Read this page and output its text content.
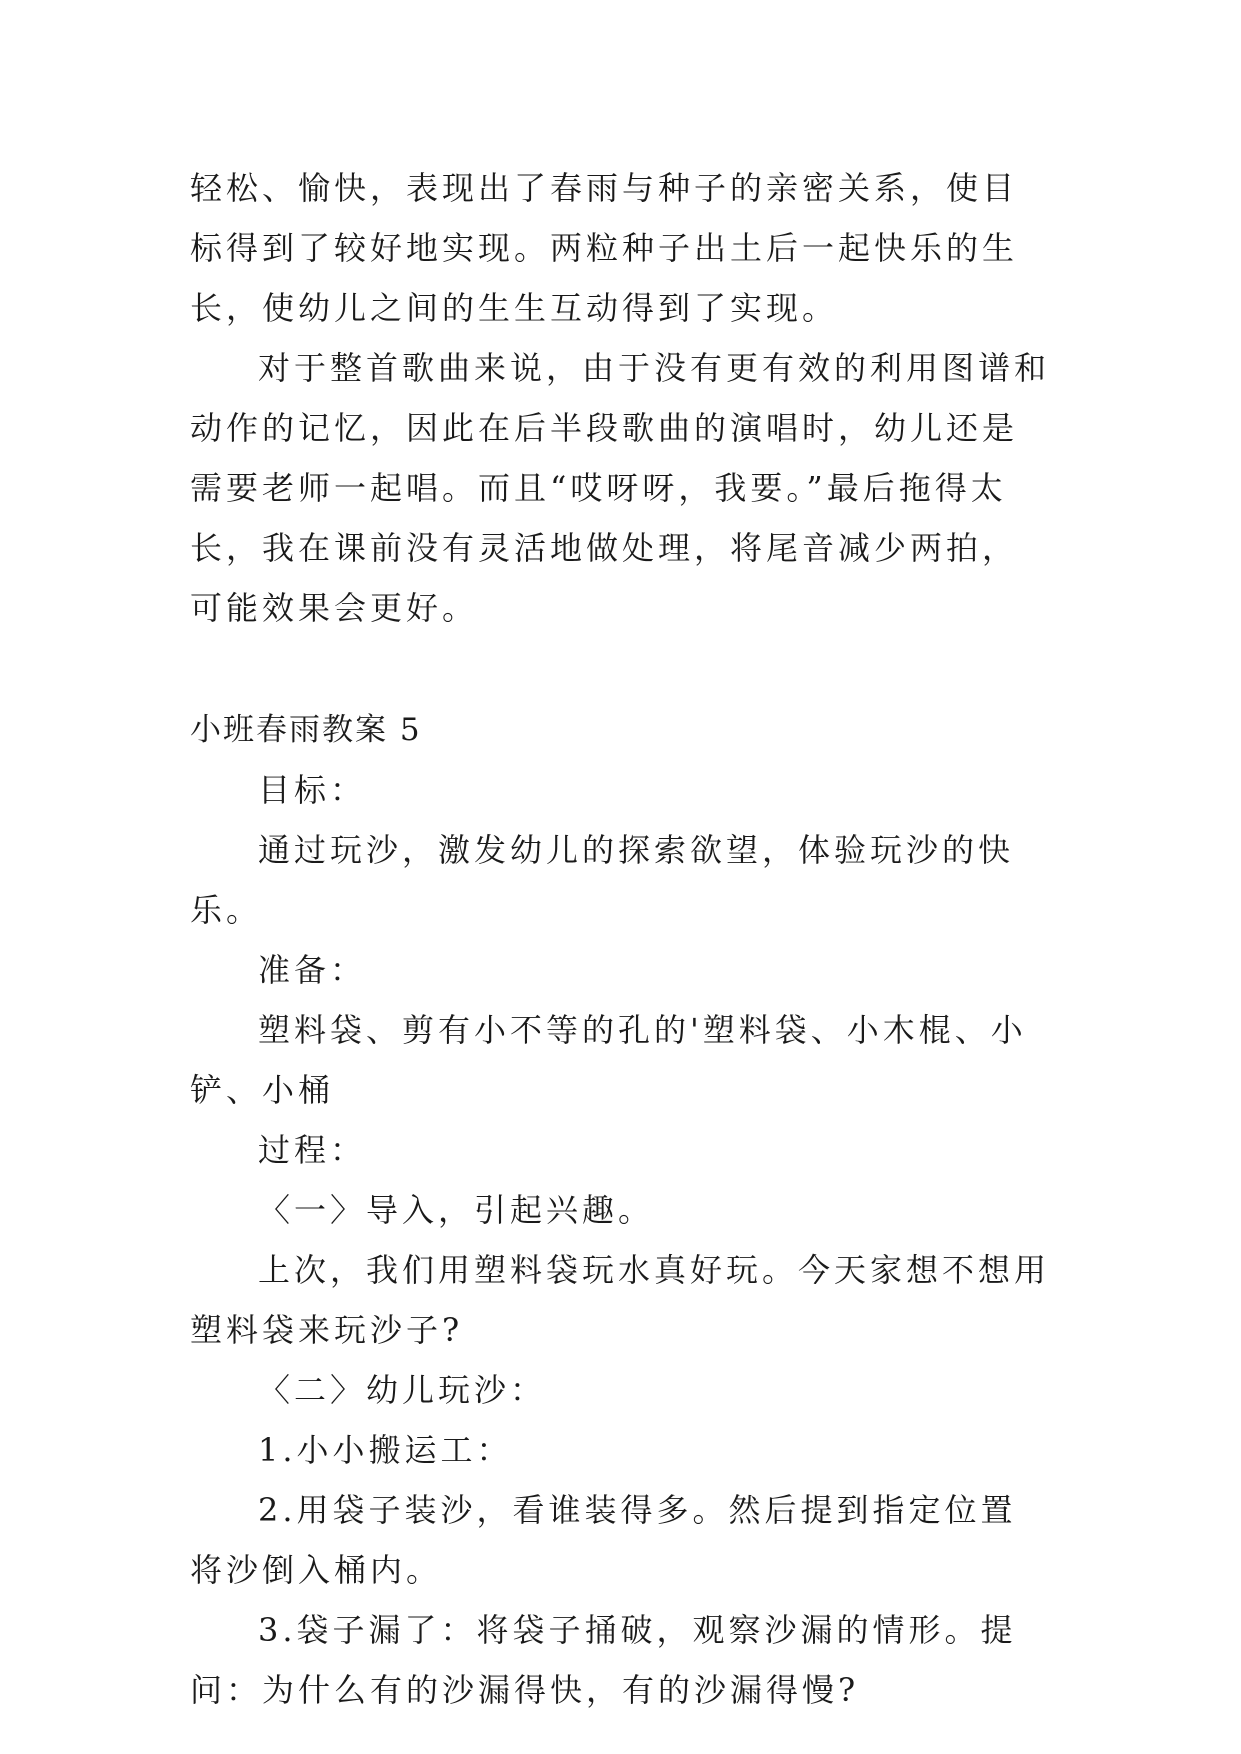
轻松、愉快，表现出了春雨与种子的亲密关系，使目标得到了较好地实现。两粒种子出土后一起快乐的生长，使幼儿之间的生生互动得到了实现。

对于整首歌曲来说，由于没有更有效的利用图谱和动作的记忆，因此在后半段歌曲的演唱时，幼儿还是需要老师一起唱。而且“哎呀呀，我要。”最后拖得太长，我在课前没有灵活地做处理，将尾音减少两拍，可能效果会更好。

小班春雨教案 5

目标：

通过玩沙，激发幼儿的探索欲望，体验玩沙的快乐。

准备：

塑料袋、剪有小不等的孔的'塑料袋、小木棍、小铲、小桶

过程：

〈一〉导入，引起兴趣。

上次，我们用塑料袋玩水真好玩。今天家想不想用塑料袋来玩沙子?

〈二〉幼儿玩沙：

1.小小搬运工：

2.用袋子装沙，看谁装得多。然后提到指定位置将沙倒入桶内。

3.袋子漏了：将袋子捅破，观察沙漏的情形。提问：为什么有的沙漏得快，有的沙漏得慢?
